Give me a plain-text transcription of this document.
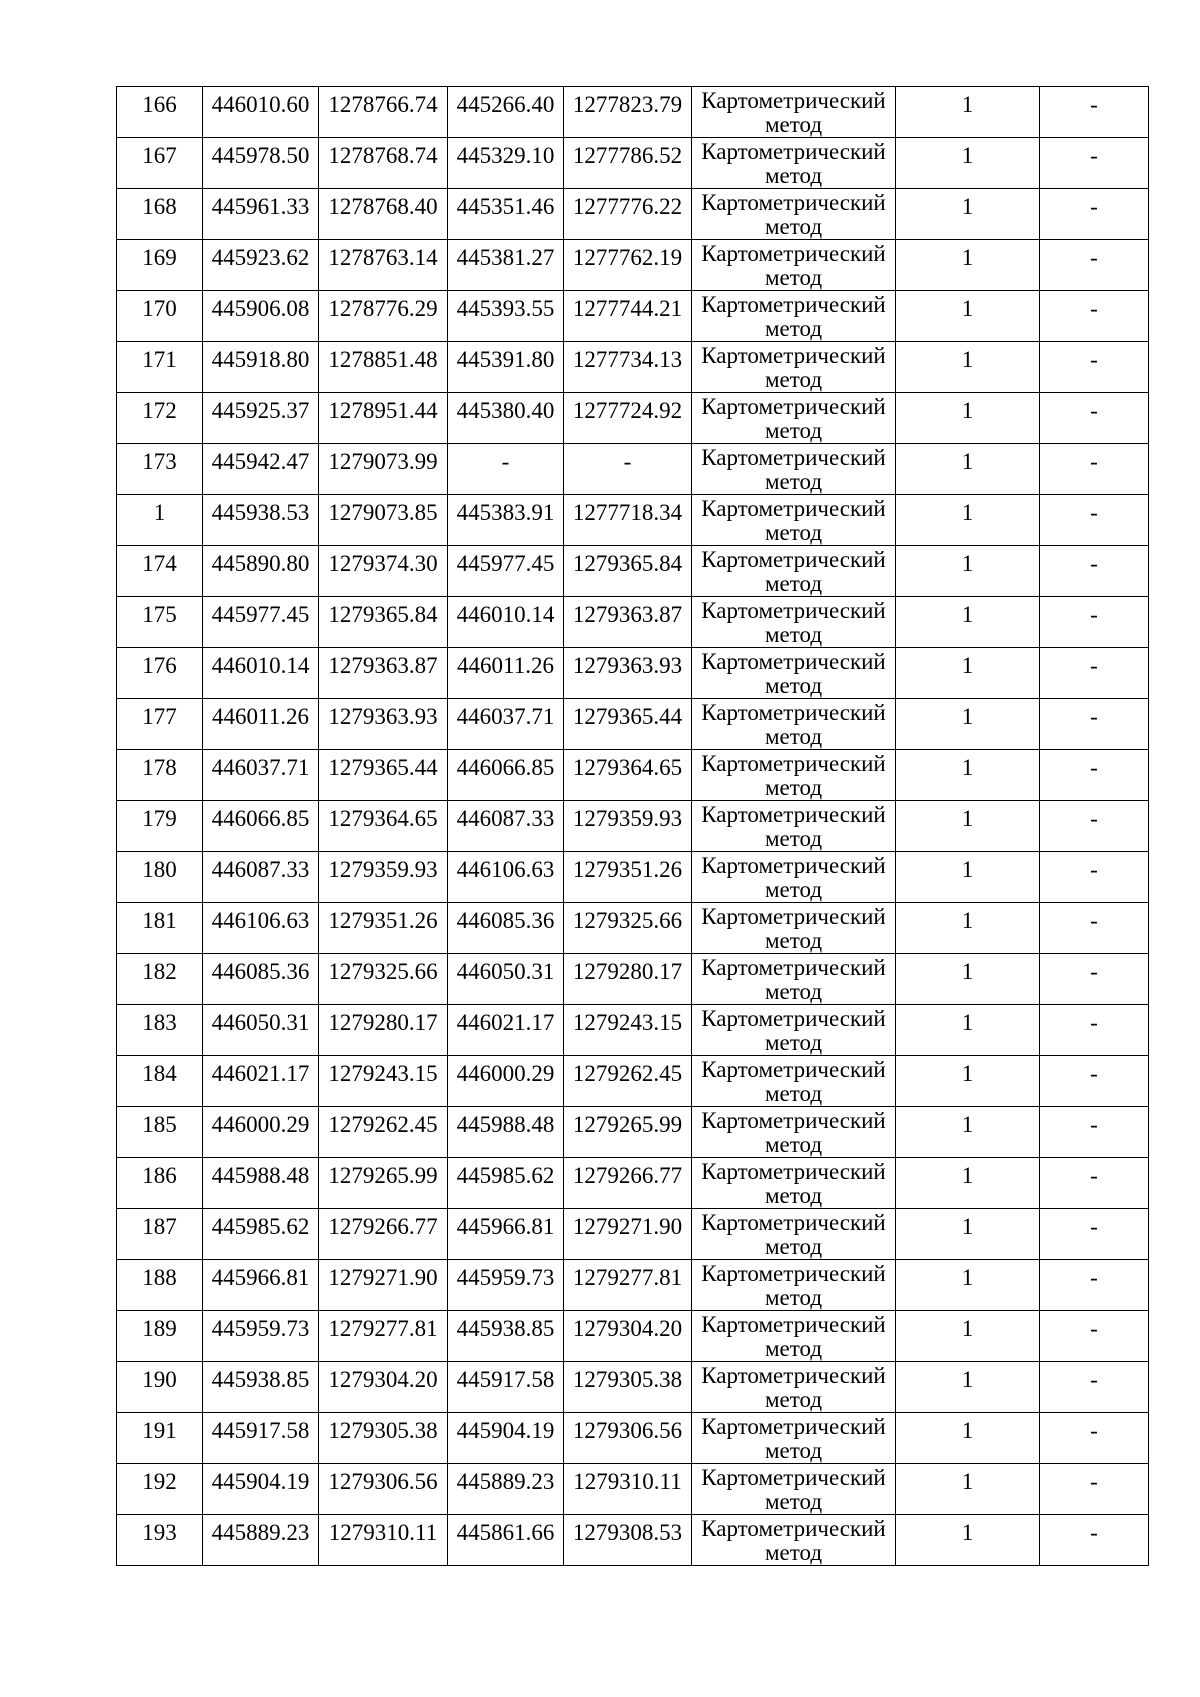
166	446010.60	1278766.74	445266.40	1277823.79	Картометрический метод	1	-
167	445978.50	1278768.74	445329.10	1277786.52	Картометрический метод	1	-
168	445961.33	1278768.40	445351.46	1277776.22	Картометрический метод	1	-
169	445923.62	1278763.14	445381.27	1277762.19	Картометрический метод	1	-
170	445906.08	1278776.29	445393.55	1277744.21	Картометрический метод	1	-
171	445918.80	1278851.48	445391.80	1277734.13	Картометрический метод	1	-
172	445925.37	1278951.44	445380.40	1277724.92	Картометрический метод	1	-
173	445942.47	1279073.99	-	-	Картометрический метод	1	-
1	445938.53	1279073.85	445383.91	1277718.34	Картометрический метод	1	-
174	445890.80	1279374.30	445977.45	1279365.84	Картометрический метод	1	-
175	445977.45	1279365.84	446010.14	1279363.87	Картометрический метод	1	-
176	446010.14	1279363.87	446011.26	1279363.93	Картометрический метод	1	-
177	446011.26	1279363.93	446037.71	1279365.44	Картометрический метод	1	-
178	446037.71	1279365.44	446066.85	1279364.65	Картометрический метод	1	-
179	446066.85	1279364.65	446087.33	1279359.93	Картометрический метод	1	-
180	446087.33	1279359.93	446106.63	1279351.26	Картометрический метод	1	-
181	446106.63	1279351.26	446085.36	1279325.66	Картометрический метод	1	-
182	446085.36	1279325.66	446050.31	1279280.17	Картометрический метод	1	-
183	446050.31	1279280.17	446021.17	1279243.15	Картометрический метод	1	-
184	446021.17	1279243.15	446000.29	1279262.45	Картометрический метод	1	-
185	446000.29	1279262.45	445988.48	1279265.99	Картометрический метод	1	-
186	445988.48	1279265.99	445985.62	1279266.77	Картометрический метод	1	-
187	445985.62	1279266.77	445966.81	1279271.90	Картометрический метод	1	-
188	445966.81	1279271.90	445959.73	1279277.81	Картометрический метод	1	-
189	445959.73	1279277.81	445938.85	1279304.20	Картометрический метод	1	-
190	445938.85	1279304.20	445917.58	1279305.38	Картометрический метод	1	-
191	445917.58	1279305.38	445904.19	1279306.56	Картометрический метод	1	-
192	445904.19	1279306.56	445889.23	1279310.11	Картометрический метод	1	-
193	445889.23	1279310.11	445861.66	1279308.53	Картометрический метод	1	-
